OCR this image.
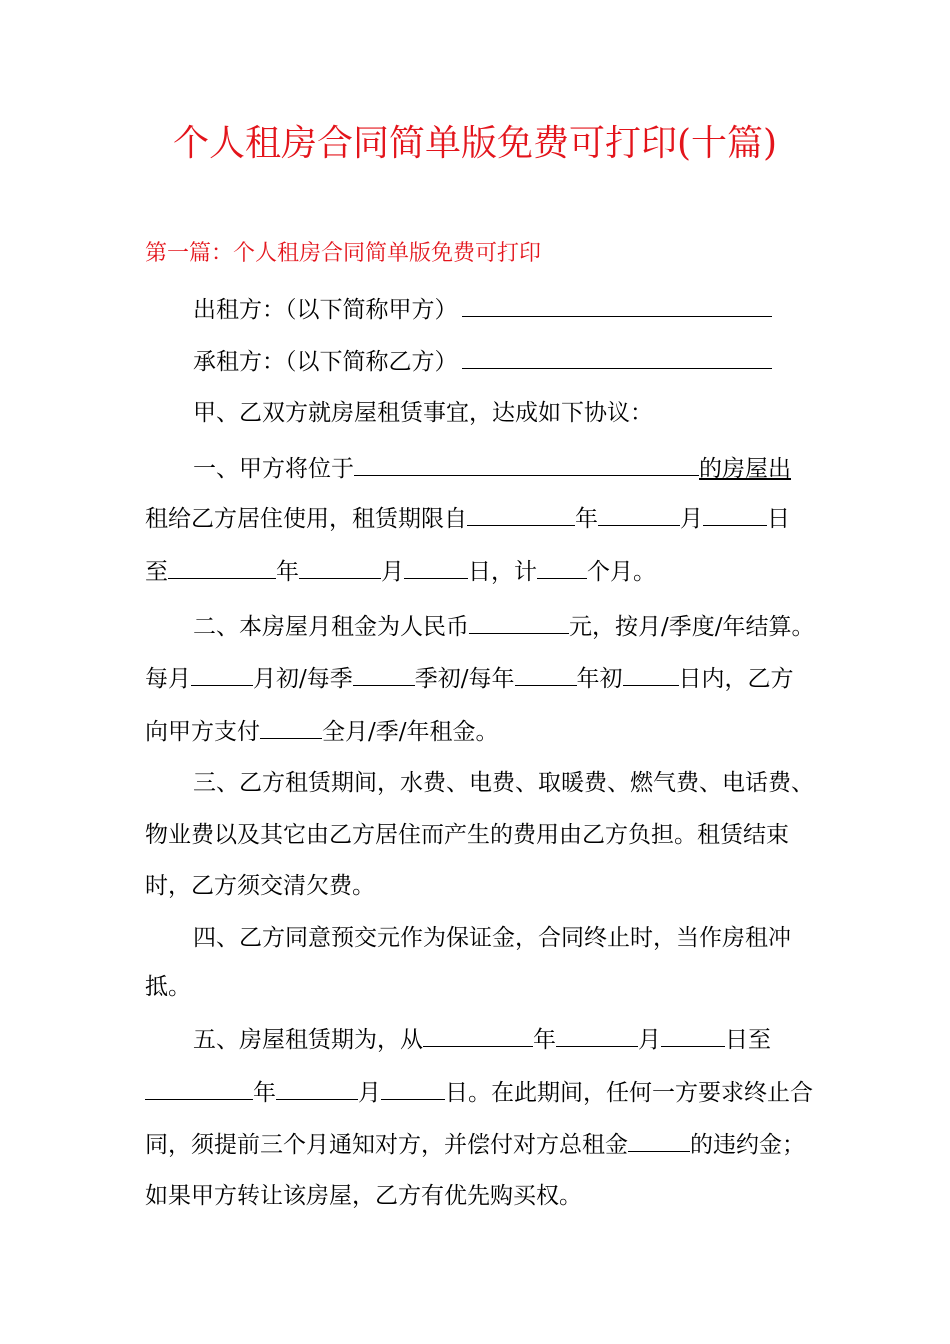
个人租房合同简单版免费可打印(十篇)
第一篇：个人租房合同简单版免费可打印
出租方：（以下简称甲方）
承租方：（以下简称乙方）
甲、乙双方就房屋租赁事宜，达成如下协议：
一、甲方将位于	的房屋出
租给乙方居住使用，租赁期限自	年	月	日
至	年	月	日，计 个月。
二、本房屋月租金为人民币	元，按月/季度/年结算。
每月	月初/每季	季初/每年	年初 日内，乙方
向甲方支付	全月/季/年租金。
三、乙方租赁期间，水费、电费、取暖费、燃气费、电话费、
物业费以及其它由乙方居住而产生的费用由乙方负担。租赁结束
时，乙方须交清欠费。
四、乙方同意预交元作为保证金，合同终止时，当作房租冲
抵。
五、房屋租赁期为，从	年	月	日至
年	月	日。在此期间，任何一方要求终止合
同，须提前三个月通知对方，并偿付对方总租金	的违约金；
如果甲方转让该房屋，乙方有优先购买权。
